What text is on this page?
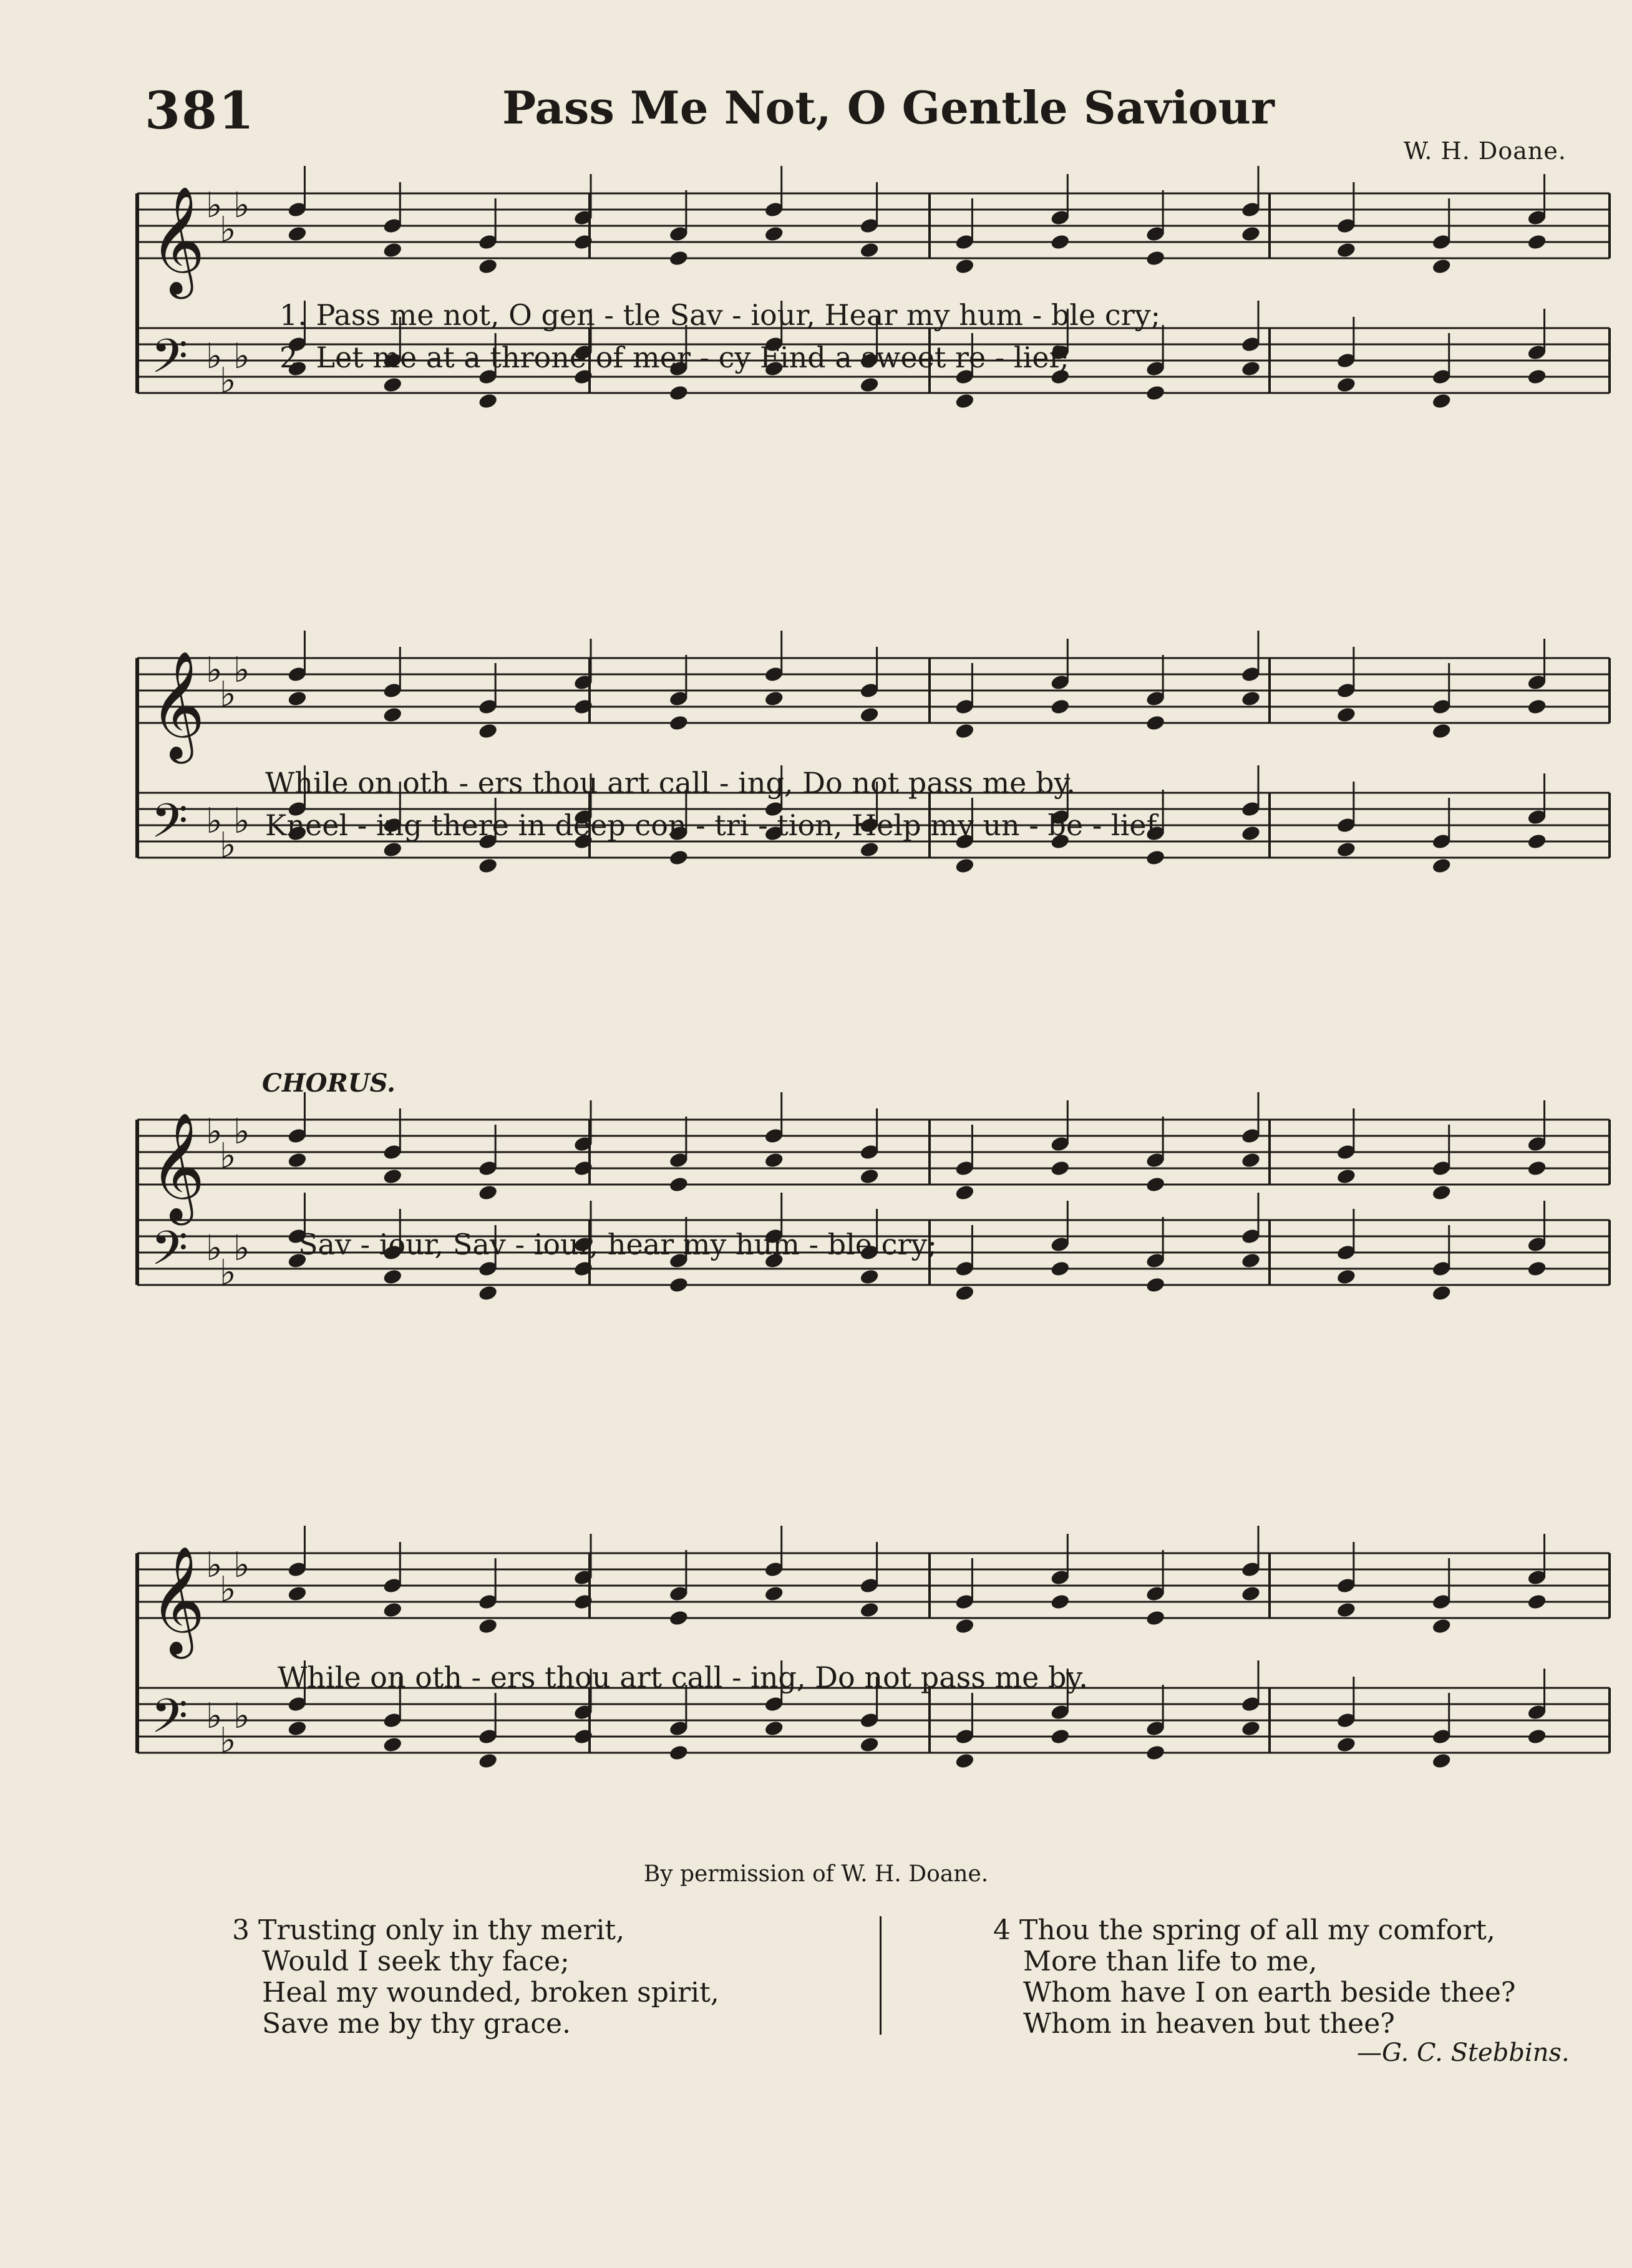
381	Pass Me Not, O Gentle Saviour
W. H. Doane.
𝄞
𝄢
♭
♭
♭
♭
♭
♭
𝄞
𝄢
♭
♭
♭
♭
♭
♭
𝄞
𝄢
♭
♭
♭
♭
♭
♭
𝄞
𝄢
♭
♭
♭
♭
♭
♭
1. Pass me not, O gen - tle Sav - iour, Hear my hum - ble cry;
2. Let me at a throne of mer - cy Find a sweet re - lief;
While on oth - ers thou art call - ing, Do not pass me by.
Kneel - ing there in deep con - tri - tion, Help my un - be - lief.
CHORUS.
Sav - iour, Sav - iour, hear my hum - ble cry;
While on oth - ers thou art call - ing, Do not pass me by.
By permission of W. H. Doane.
3 Trusting only in thy merit,
Would I seek thy face;
Heal my wounded, broken spirit,
Save me by thy grace.
4 Thou the spring of all my comfort,
More than life to me,
Whom have I on earth beside thee?
Whom in heaven but thee?
—G. C. Stebbins.
